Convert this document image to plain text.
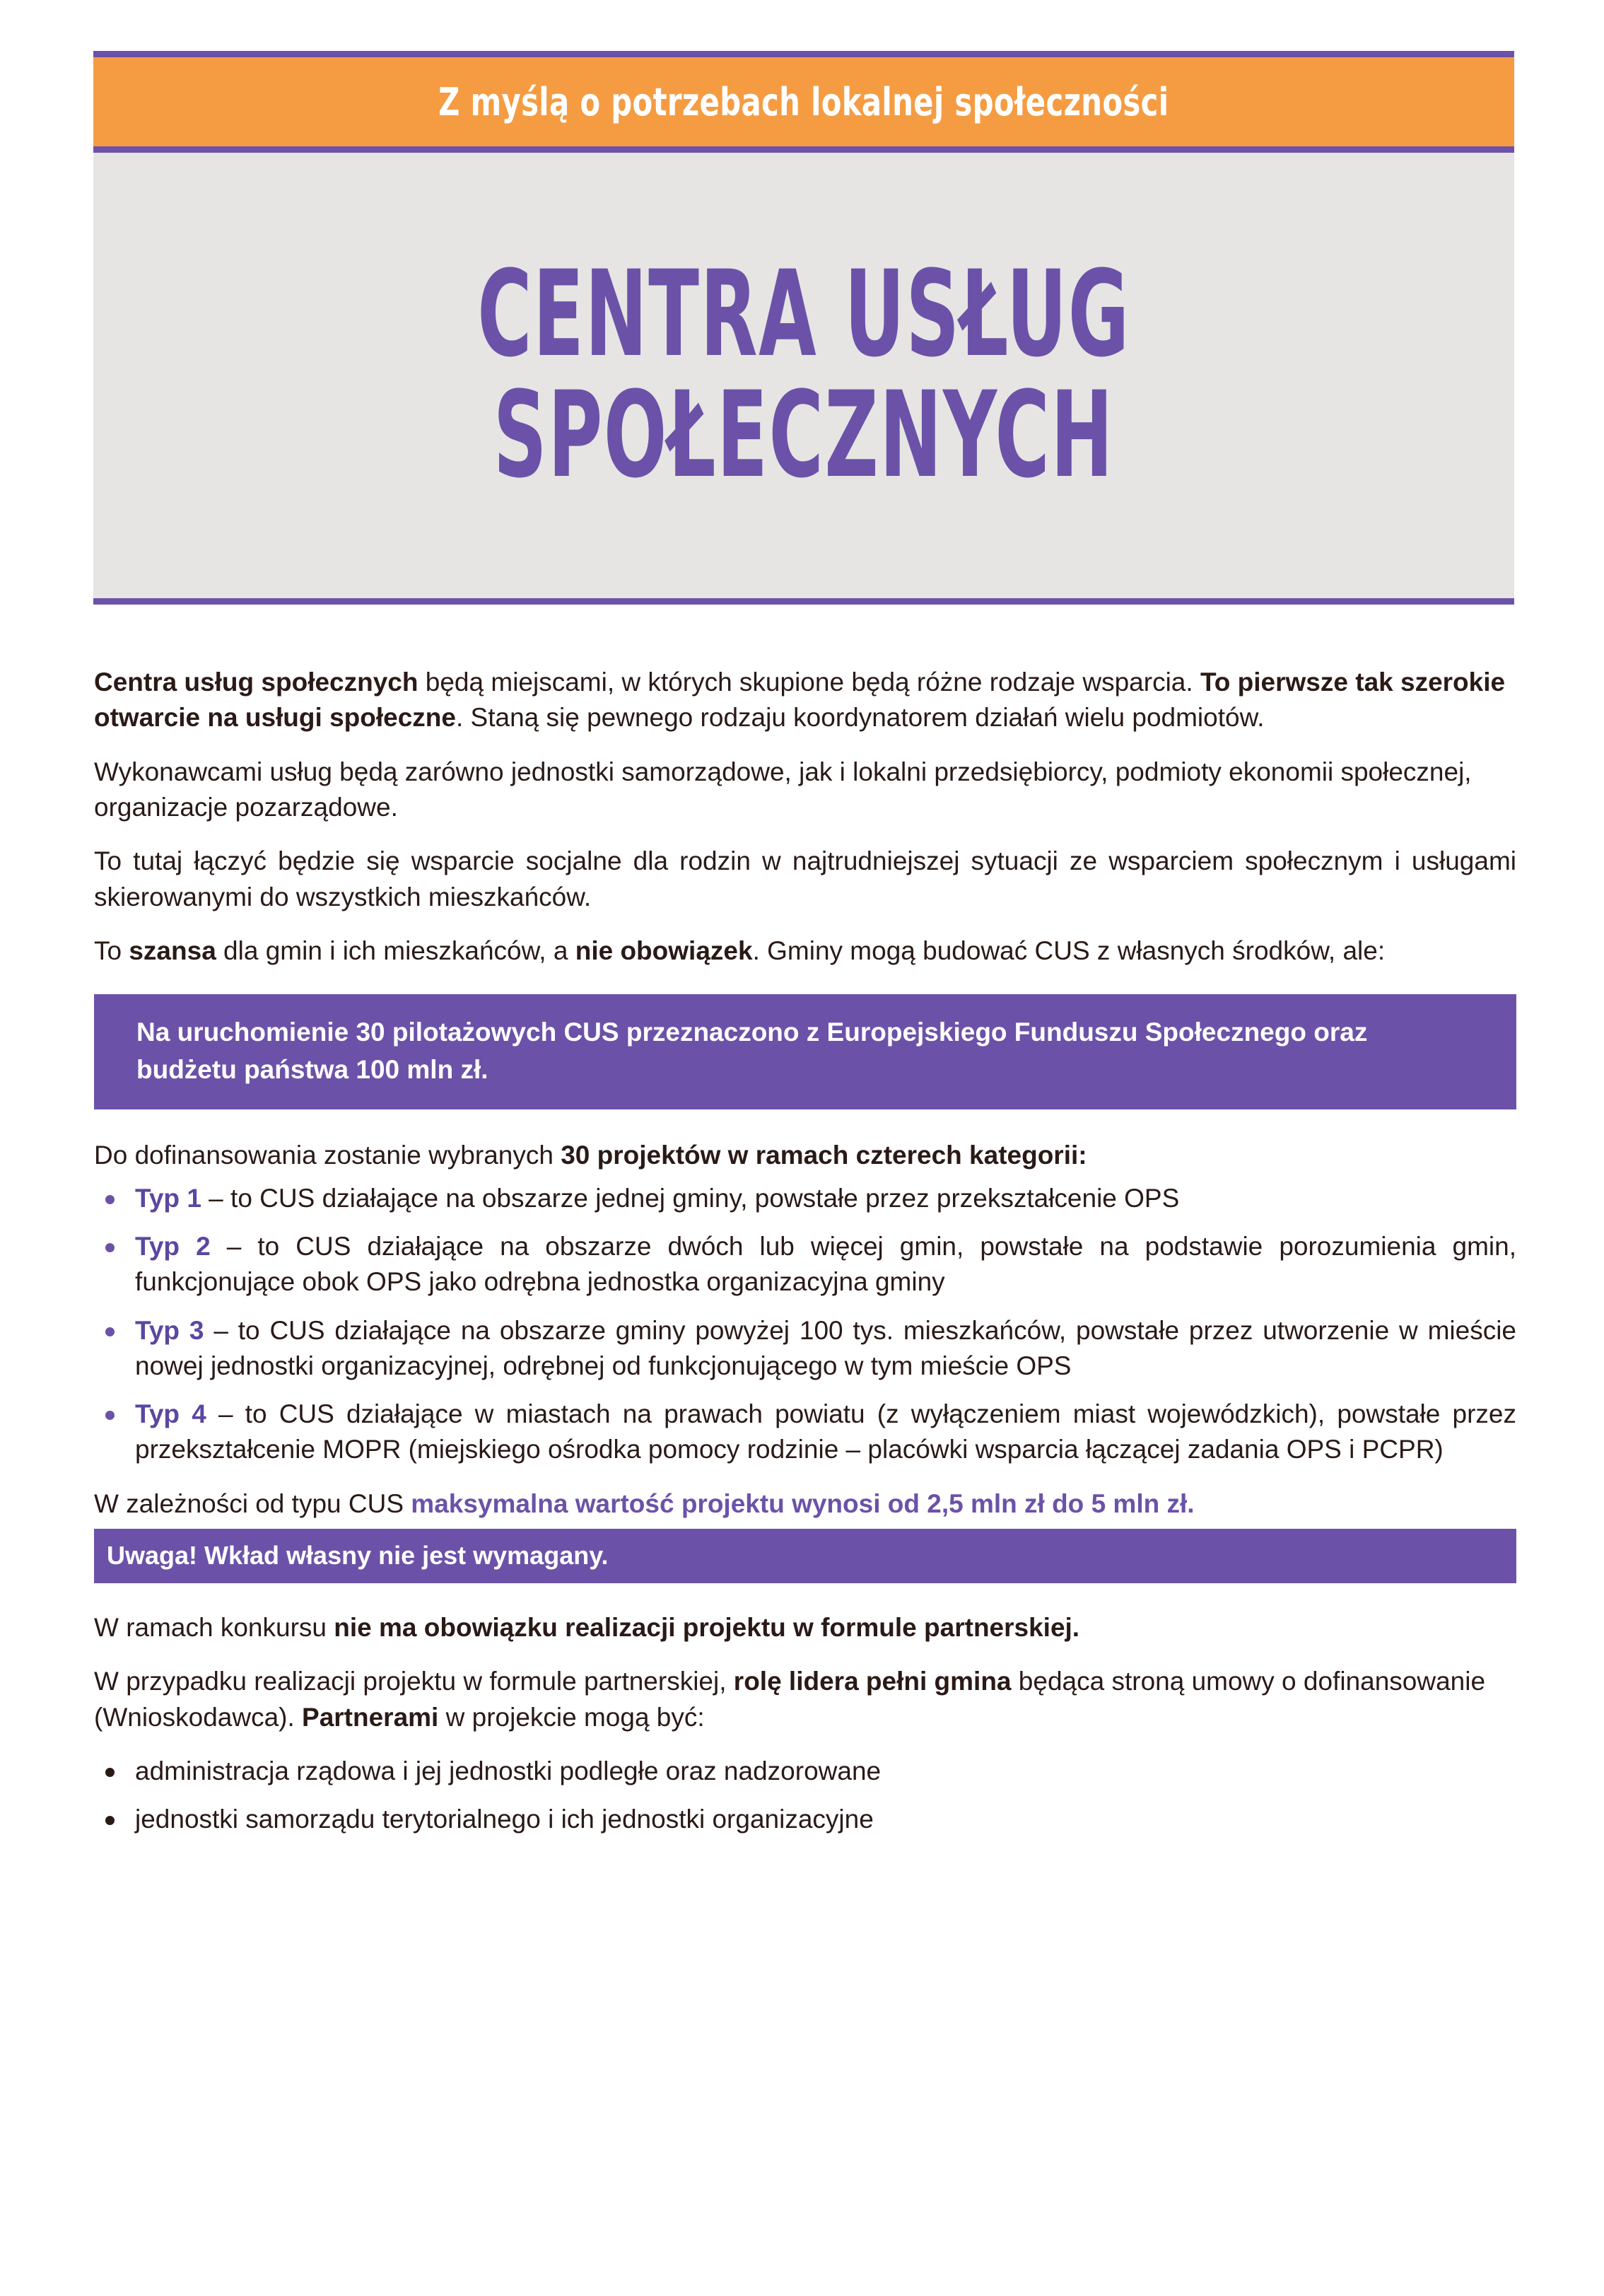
Z myślą o potrzebach lokalnej społeczności
CENTRA USŁUG
SPOŁECZNYCH

Centra usług społecznych będą miejscami, w których skupione będą różne rodzaje wsparcia. To pierwsze tak szerokie otwarcie na usługi społeczne. Staną się pewnego rodzaju koordynatorem działań wielu podmiotów.

Wykonawcami usług będą zarówno jednostki samorządowe, jak i lokalni przedsiębiorcy, podmioty ekonomii społecznej, organizacje pozarządowe.

To tutaj łączyć będzie się wsparcie socjalne dla rodzin w najtrudniejszej sytuacji ze wsparciem społecznym i usługami skierowanymi do wszystkich mieszkańców.

To szansa dla gmin i ich mieszkańców, a nie obowiązek. Gminy mogą budować CUS z własnych środków, ale:

Na uruchomienie 30 pilotażowych CUS przeznaczono z Europejskiego Funduszu Społecznego oraz budżetu państwa 100 mln zł.

Do dofinansowania zostanie wybranych 30 projektów w ramach czterech kategorii:

Typ 1 – to CUS działające na obszarze jednej gminy, powstałe przez przekształcenie OPS
Typ 2 – to CUS działające na obszarze dwóch lub więcej gmin, powstałe na podstawie porozumienia gmin, funkcjonujące obok OPS jako odrębna jednostka organizacyjna gminy
Typ 3 – to CUS działające na obszarze gminy powyżej 100 tys. mieszkańców, powstałe przez utworzenie w mieście nowej jednostki organizacyjnej, odrębnej od funkcjonującego w tym mieście OPS
Typ 4 – to CUS działające w miastach na prawach powiatu (z wyłączeniem miast wojewódzkich), powstałe przez przekształcenie MOPR (miejskiego ośrodka pomocy rodzinie – placówki wsparcia łączącej zadania OPS i PCPR)

W zależności od typu CUS maksymalna wartość projektu wynosi od 2,5 mln zł do 5 mln zł.

Uwaga! Wkład własny nie jest wymagany.

W ramach konkursu nie ma obowiązku realizacji projektu w formule partnerskiej.

W przypadku realizacji projektu w formule partnerskiej, rolę lidera pełni gmina będąca stroną umowy o dofinansowanie (Wnioskodawca). Partnerami w projekcie mogą być:

administracja rządowa i jej jednostki podległe oraz nadzorowane
jednostki samorządu terytorialnego i ich jednostki organizacyjne
